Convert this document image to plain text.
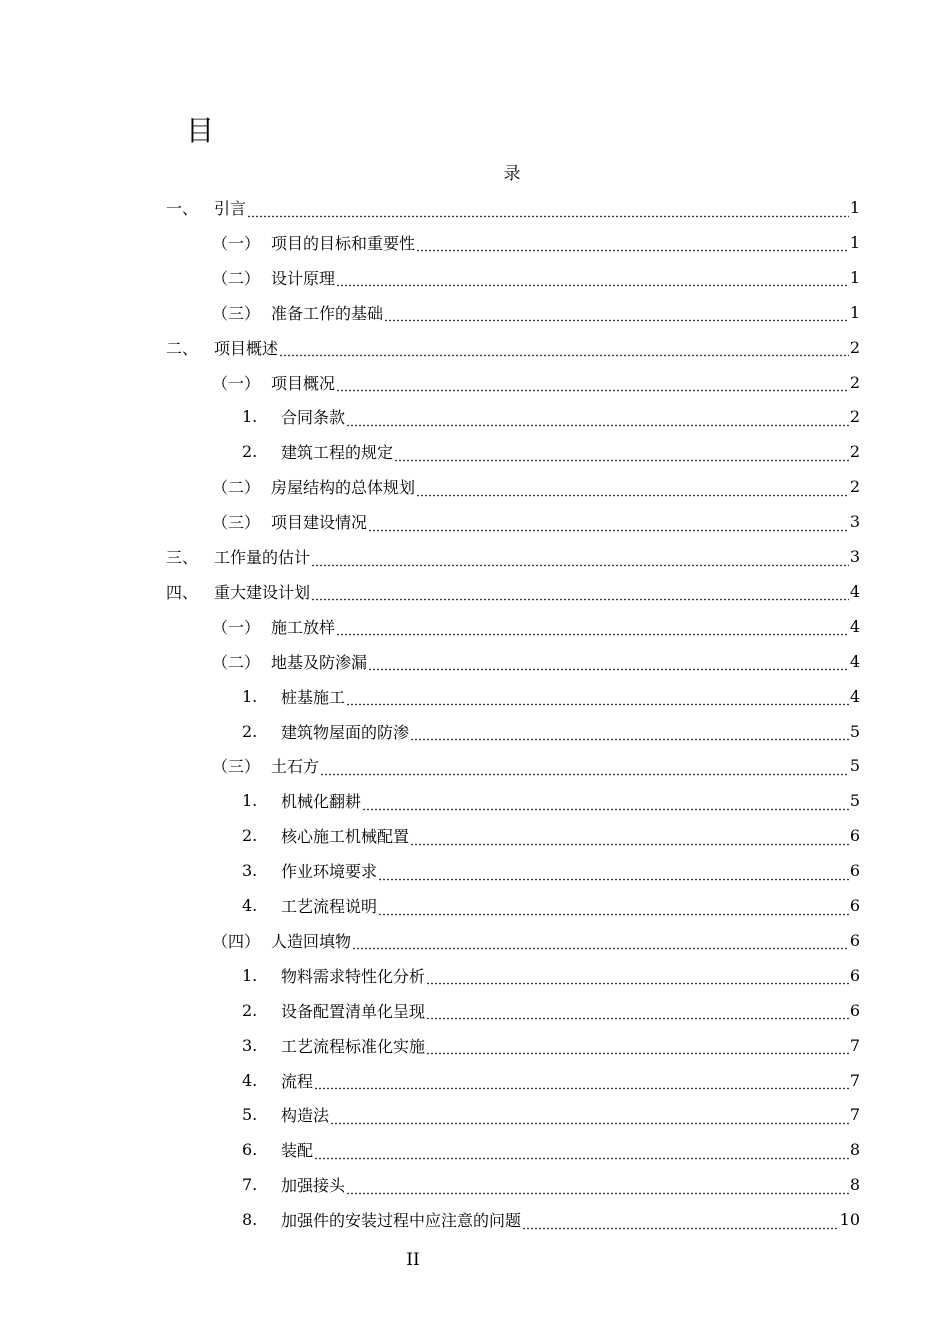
目
录
一、 引言	1
（一） 项目的目标和重要性	1
（二） 设计原理	1
（三） 准备工作的基础	1
二、 项目概述	2
（一） 项目概况	2
1.	合同条款	2
2.	建筑工程的规定	2
（二） 房屋结构的总体规划	2
（三） 项目建设情况	3
三、 工作量的估计	3
四、 重大建设计划	4
（一） 施工放样	4
（二） 地基及防渗漏	4
1.	桩基施工	4
2.	建筑物屋面的防渗	5
（三） 土石方	5
1.	机械化翻耕	5
2.	核心施工机械配置	6
3.	作业环境要求	6
4.	工艺流程说明	6
（四） 人造回填物	6
1.	物料需求特性化分析	6
2.	设备配置清单化呈现	6
3.	工艺流程标准化实施	7
4.	流程	7
5.	构造法	7
6.	装配	8
7.	加强接头	8
8.	加强件的安装过程中应注意的问题	10
II
